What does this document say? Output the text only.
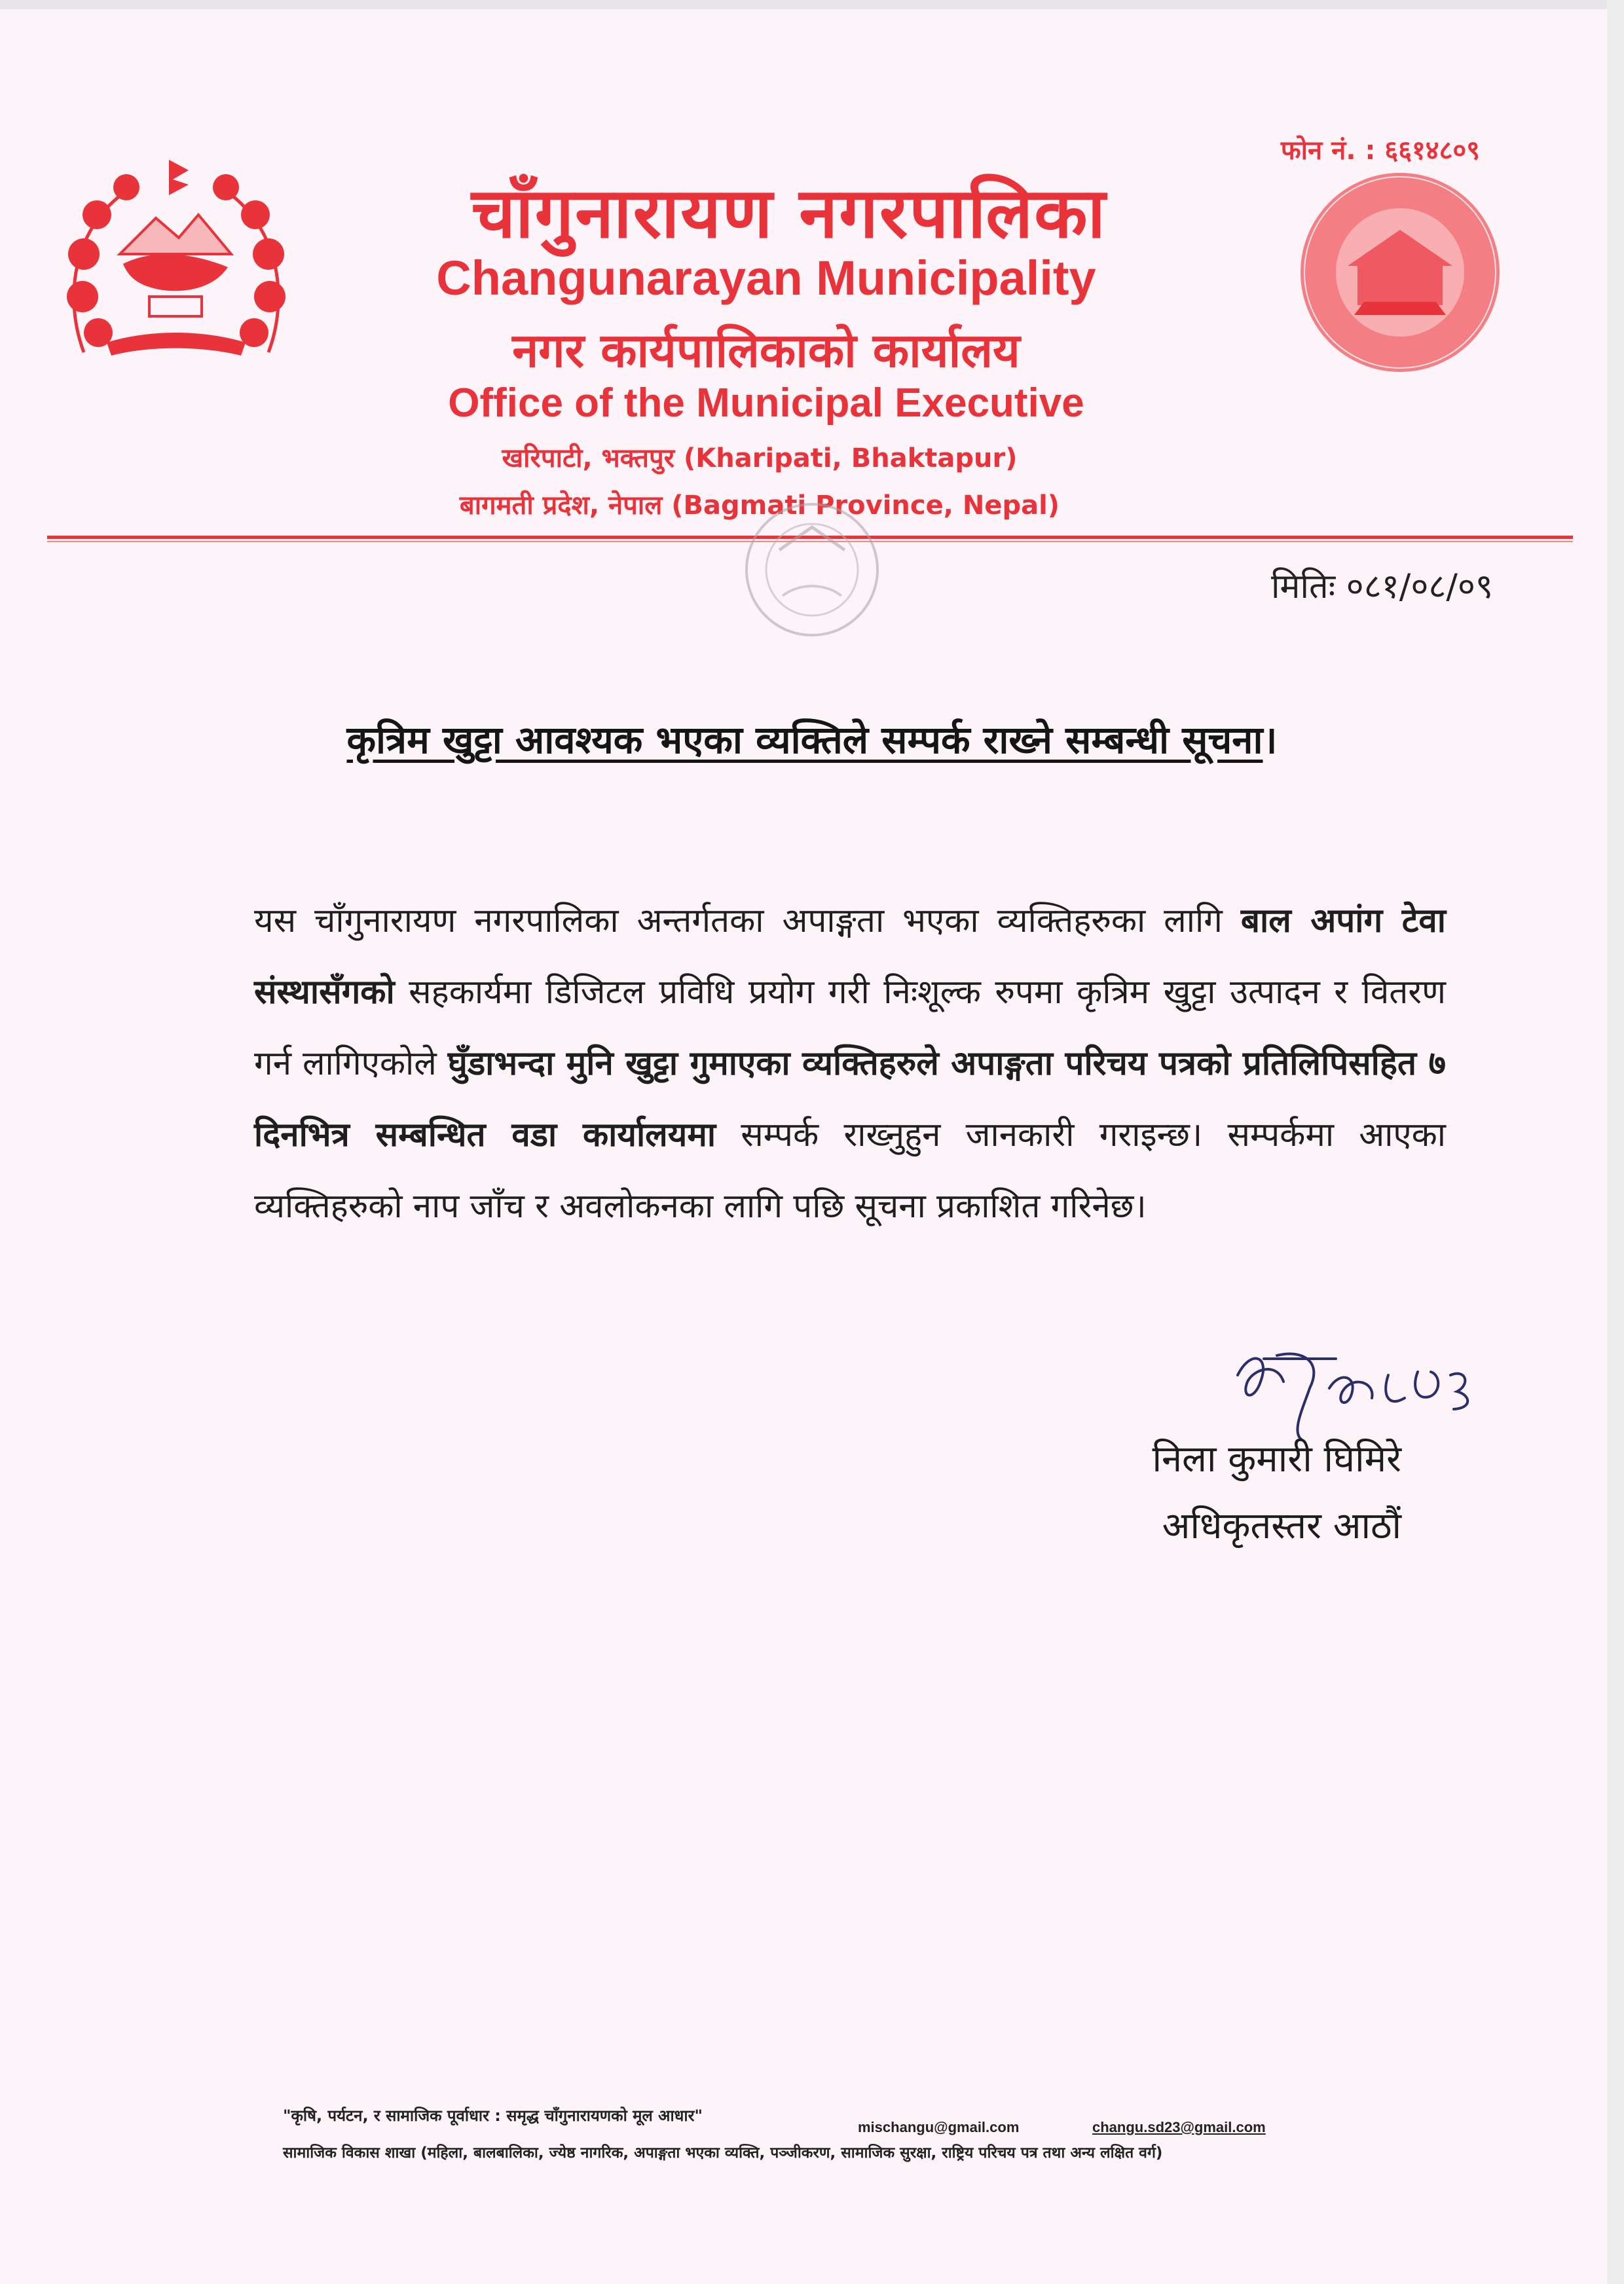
फोन नं. : ६६१४८०९
चाँगुनारायण नगरपालिका
Changunarayan Municipality
नगर कार्यपालिकाको कार्यालय
Office of the Municipal Executive
खरिपाटी, भक्तपुर (Kharipati, Bhaktapur)
बागमती प्रदेश, नेपाल (Bagmati Province, Nepal)
मितिः ०८१/०८/०९
कृत्रिम खुट्टा आवश्यक भएका व्यक्तिले सम्पर्क राख्ने सम्बन्धी सूचना।
यस चाँगुनारायण नगरपालिका अन्तर्गतका अपाङ्गता भएका व्यक्तिहरुका लागि बाल अपांग टेवा संस्थासँगको सहकार्यमा डिजिटल प्रविधि प्रयोग गरी निःशूल्क रुपमा कृत्रिम खुट्टा उत्पादन र वितरण गर्न लागिएकोले घुँडाभन्दा मुनि खुट्टा गुमाएका व्यक्तिहरुले अपाङ्गता परिचय पत्रको प्रतिलिपिसहित ७ दिनभित्र सम्बन्धित वडा कार्यालयमा सम्पर्क राख्नुहुन जानकारी गराइन्छ। सम्पर्कमा आएका व्यक्तिहरुको नाप जाँच र अवलोकनका लागि पछि सूचना प्रकाशित गरिनेछ।
निला कुमारी घिमिरे
अधिकृतस्तर आठौं
"कृषि, पर्यटन, र सामाजिक पूर्वाधार : समृद्ध चाँगुनारायणको मूल आधार"
mischangu@gmail.com	changu.sd23@gmail.com
सामाजिक विकास शाखा (महिला, बालबालिका, ज्येष्ठ नागरिक, अपाङ्गता भएका व्यक्ति, पञ्जीकरण, सामाजिक सुरक्षा, राष्ट्रिय परिचय पत्र तथा अन्य लक्षित वर्ग)
